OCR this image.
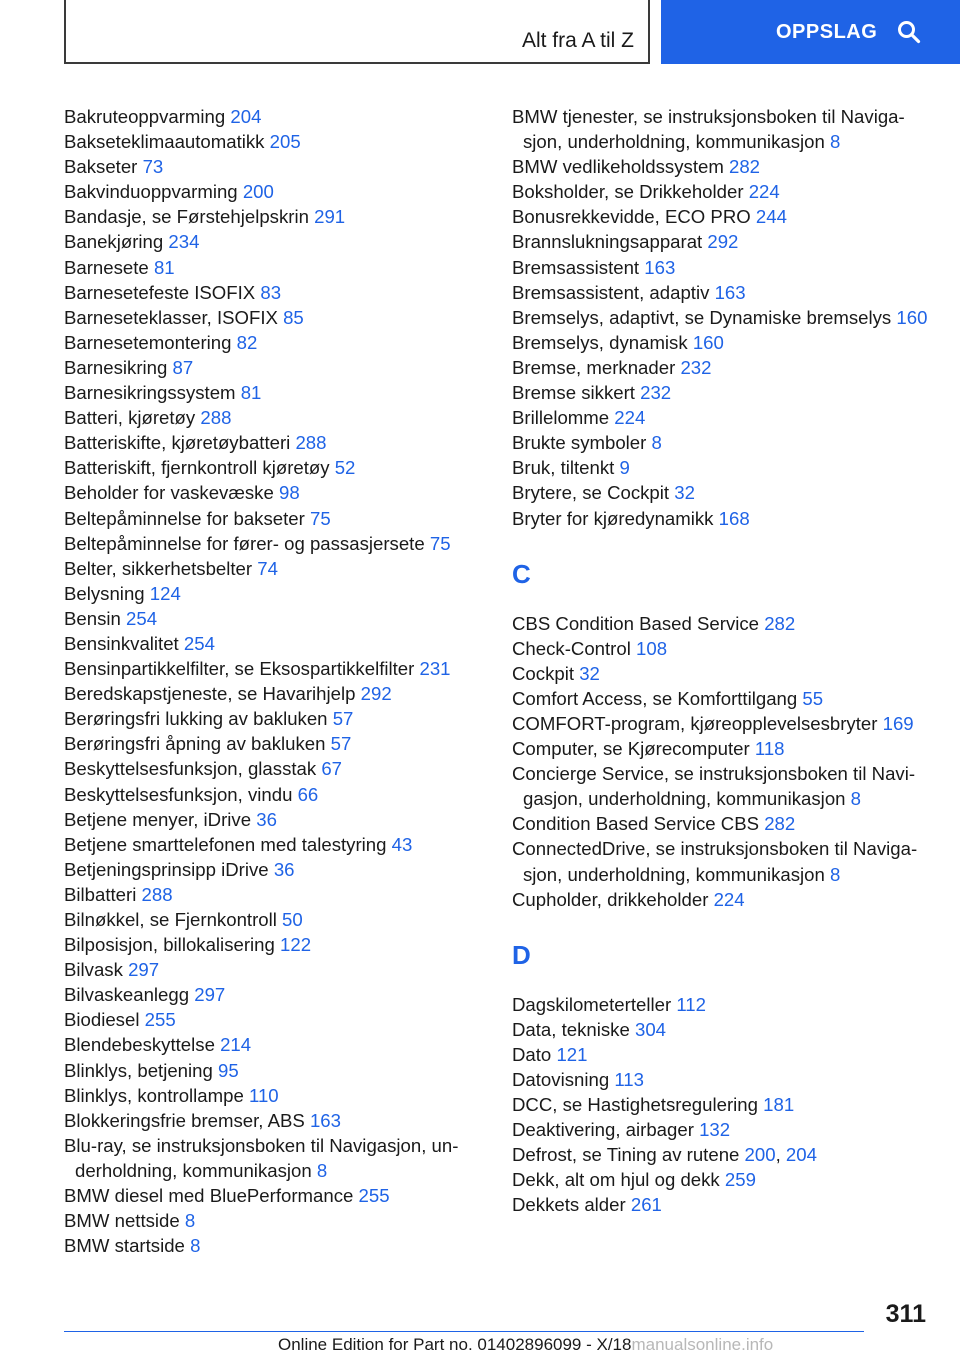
Alt fra A til Z	OPPSLAG
Bakruteoppvarming 204
Bakseteklimaautomatikk 205
Bakseter 73
Bakvinduoppvarming 200
Bandasje, se Førstehjelpskrin 291
Banekjøring 234
Barnesete 81
Barnesetefeste ISOFIX 83
Barneseteklasser, ISOFIX 85
Barnesetemontering 82
Barnesikring 87
Barnesikringssystem 81
Batteri, kjøretøy 288
Batteriskifte, kjøretøybatteri 288
Batteriskift, fjernkontroll kjøretøy 52
Beholder for vaskevæske 98
Beltepåminnelse for bakseter 75
Beltepåminnelse for fører- og passasjersete 75
Belter, sikkerhetsbelter 74
Belysning 124
Bensin 254
Bensinkvalitet 254
Bensinpartikkelfilter, se Eksospartikkelfilter 231
Beredskapstjeneste, se Havarihjelp 292
Berøringsfri lukking av bakluken 57
Berøringsfri åpning av bakluken 57
Beskyttelsesfunksjon, glasstak 67
Beskyttelsesfunksjon, vindu 66
Betjene menyer, iDrive 36
Betjene smarttelefonen med talestyring 43
Betjeningsprinsipp iDrive 36
Bilbatteri 288
Bilnøkkel, se Fjernkontroll 50
Bilposisjon, billokalisering 122
Bilvask 297
Bilvaskeanlegg 297
Biodiesel 255
Blendebeskyttelse 214
Blinklys, betjening 95
Blinklys, kontrollampe 110
Blokkeringsfrie bremser, ABS 163
Blu-ray, se instruksjonsboken til Navigasjon, underholdning, kommunikasjon 8
BMW diesel med BluePerformance 255
BMW nettside 8
BMW startside 8
BMW tjenester, se instruksjonsboken til Navigasjon, underholdning, kommunikasjon 8
BMW vedlikeholdssystem 282
Boksholder, se Drikkeholder 224
Bonusrekkevidde, ECO PRO 244
Brannslukningsapparat 292
Bremsassistent 163
Bremsassistent, adaptiv 163
Bremselys, adaptivt, se Dynamiske bremselys 160
Bremselys, dynamisk 160
Bremse, merknader 232
Bremse sikkert 232
Brillelomme 224
Brukte symboler 8
Bruk, tiltenkt 9
Brytere, se Cockpit 32
Bryter for kjøredynamikk 168
C
CBS Condition Based Service 282
Check-Control 108
Cockpit 32
Comfort Access, se Komforttilgang 55
COMFORT-program, kjøreopplevelsesbryter 169
Computer, se Kjørecomputer 118
Concierge Service, se instruksjonsboken til Navigasjon, underholdning, kommunikasjon 8
Condition Based Service CBS 282
ConnectedDrive, se instruksjonsboken til Navigasjon, underholdning, kommunikasjon 8
Cupholder, drikkeholder 224
D
Dagskilometerteller 112
Data, tekniske 304
Dato 121
Datovisning 113
DCC, se Hastighetsregulering 181
Deaktivering, airbager 132
Defrost, se Tining av rutene 200, 204
Dekk, alt om hjul og dekk 259
Dekkets alder 261
311
Online Edition for Part no. 01402896099 - X/18manualsonline.info
